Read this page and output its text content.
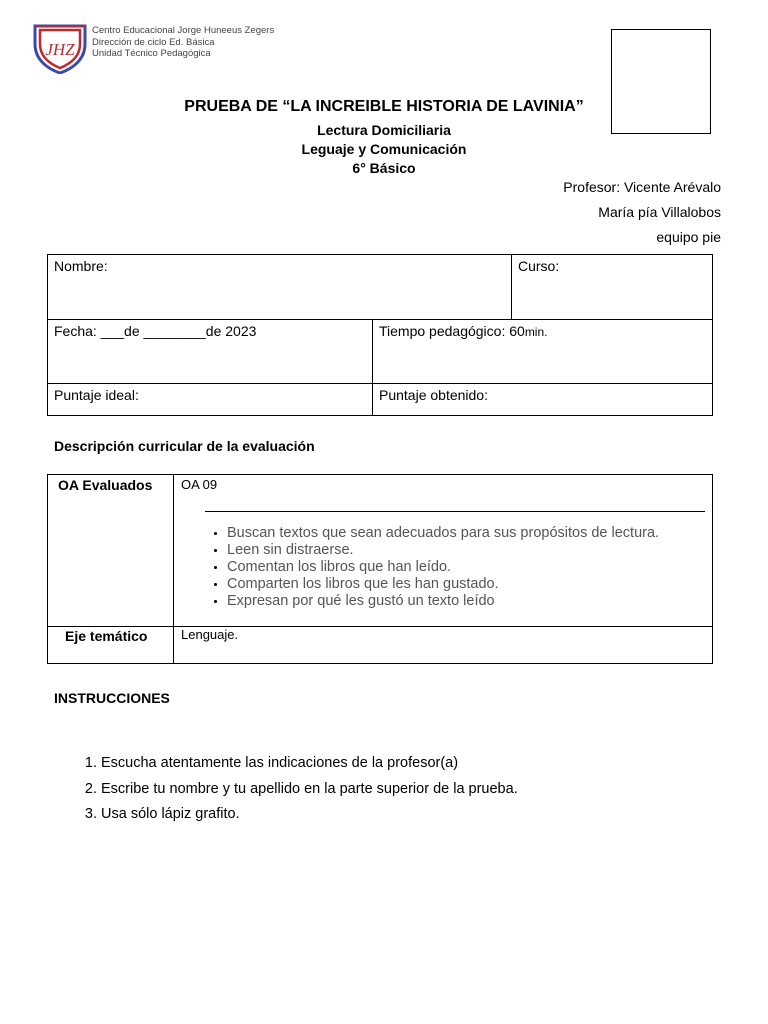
JHZ
Centro Educacional Jorge Huneeus Zegers
Dirección de ciclo Ed. Básica
Unidad Técnico Pedagógica
PRUEBA DE “LA INCREIBLE HISTORIA DE LAVINIA”
Lectura Domiciliaria
Leguaje y Comunicación
6° Básico
Profesor: Vicente Arévalo
María pía Villalobos
equipo pie
Nombre:	Curso:
Fecha: ___de ________de 2023	Tiempo pedagógico: 60min.
Puntaje ideal:	Puntaje obtenido:
Descripción curricular de la evaluación
OA Evaluados OA 09
• Buscan textos que sean adecuados para sus propósitos de lectura.
• Leen sin distraerse.
• Comentan los libros que han leído.
• Comparten los libros que les han gustado.
• Expresan por qué les gustó un texto leído
Eje temático	Lenguaje.
INSTRUCCIONES
1. Escucha atentamente las indicaciones de la profesor(a)
2. Escribe tu nombre y tu apellido en la parte superior de la prueba.
3. Usa sólo lápiz grafito.
